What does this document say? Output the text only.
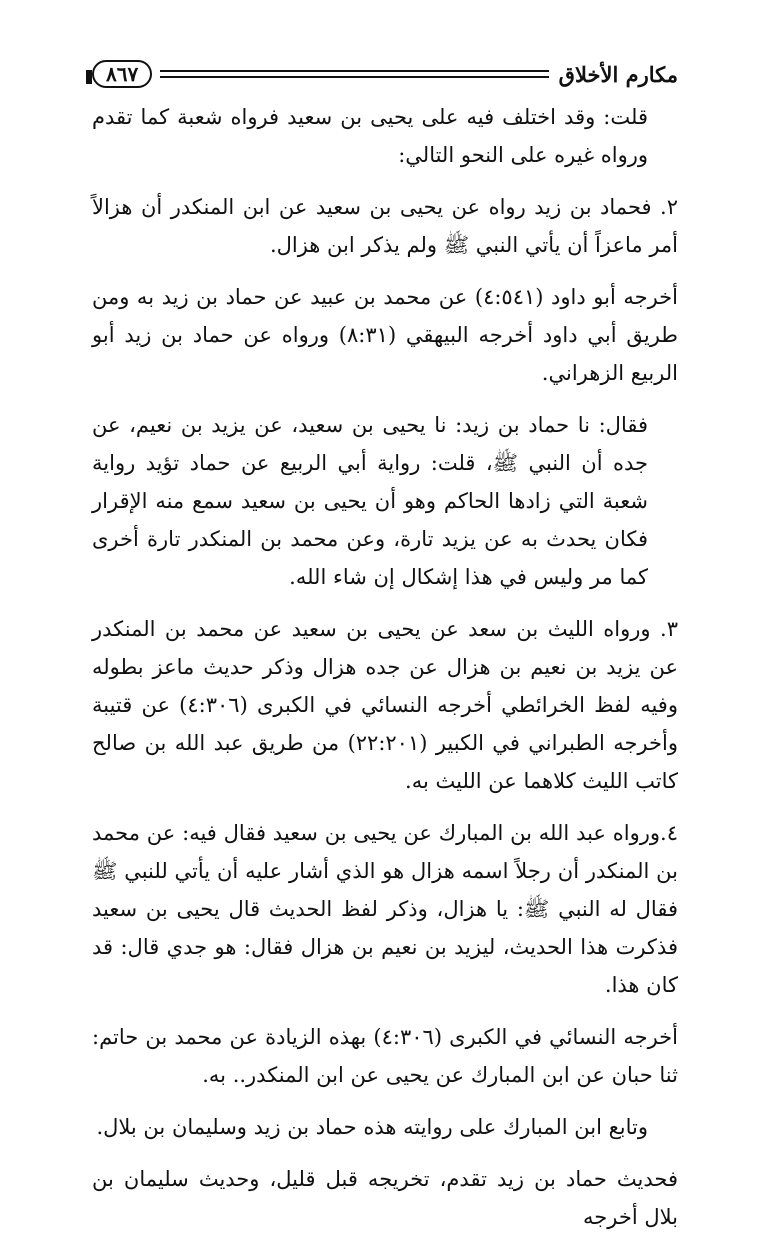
مكارم الأخلاق
٨٦٧

قلت: وقد اختلف فيه على يحيى بن سعيد فرواه شعبة كما تقدم ورواه غيره على النحو التالي:

٢. فحماد بن زيد رواه عن يحيى بن سعيد عن ابن المنكدر أن هزالاً أمر ماعزاً أن يأتي النبي ﷺ ولم يذكر ابن هزال.

أخرجه أبو داود (٤:٥٤١) عن محمد بن عبيد عن حماد بن زيد به ومن طريق أبي داود أخرجه البيهقي (٨:٣١) ورواه عن حماد بن زيد أبو الربيع الزهراني.

فقال: نا حماد بن زيد: نا يحيى بن سعيد، عن يزيد بن نعيم، عن جده أن النبي ﷺ، قلت: رواية أبي الربيع عن حماد تؤيد رواية شعبة التي زادها الحاكم وهو أن يحيى بن سعيد سمع منه الإقرار فكان يحدث به عن يزيد تارة، وعن محمد بن المنكدر تارة أخرى كما مر وليس في هذا إشكال إن شاء الله.

٣. ورواه الليث بن سعد عن يحيى بن سعيد عن محمد بن المنكدر عن يزيد بن نعيم بن هزال عن جده هزال وذكر حديث ماعز بطوله وفيه لفظ الخرائطي أخرجه النسائي في الكبرى (٤:٣٠٦) عن قتيبة وأخرجه الطبراني في الكبير (٢٢:٢٠١) من طريق عبد الله بن صالح كاتب الليث كلاهما عن الليث به.

٤.ورواه عبد الله بن المبارك عن يحيى بن سعيد فقال فيه: عن محمد بن المنكدر أن رجلاً اسمه هزال هو الذي أشار عليه أن يأتي للنبي ﷺ فقال له النبي ﷺ: يا هزال، وذكر لفظ الحديث قال يحيى بن سعيد فذكرت هذا الحديث، ليزيد بن نعيم بن هزال فقال: هو جدي قال: قد كان هذا.

أخرجه النسائي في الكبرى (٤:٣٠٦) بهذه الزيادة عن محمد بن حاتم: ثنا حبان عن ابن المبارك عن يحيى عن ابن المنكدر.. به.

وتابع ابن المبارك على روايته هذه حماد بن زيد وسليمان بن بلال.

فحديث حماد بن زيد تقدم، تخريجه قبل قليل، وحديث سليمان بن بلال أخرجه
